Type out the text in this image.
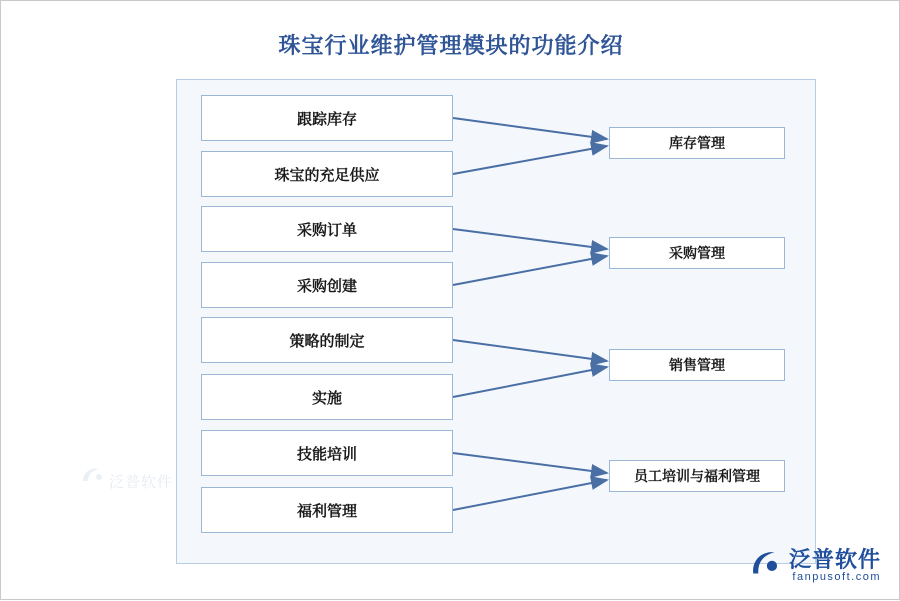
珠宝行业维护管理模块的功能介绍
泛普软件
跟踪库存
珠宝的充足供应
采购订单
采购创建
策略的制定
实施
技能培训
福利管理
库存管理
采购管理
销售管理
员工培训与福利管理
泛普软件
fanpusoft.com
